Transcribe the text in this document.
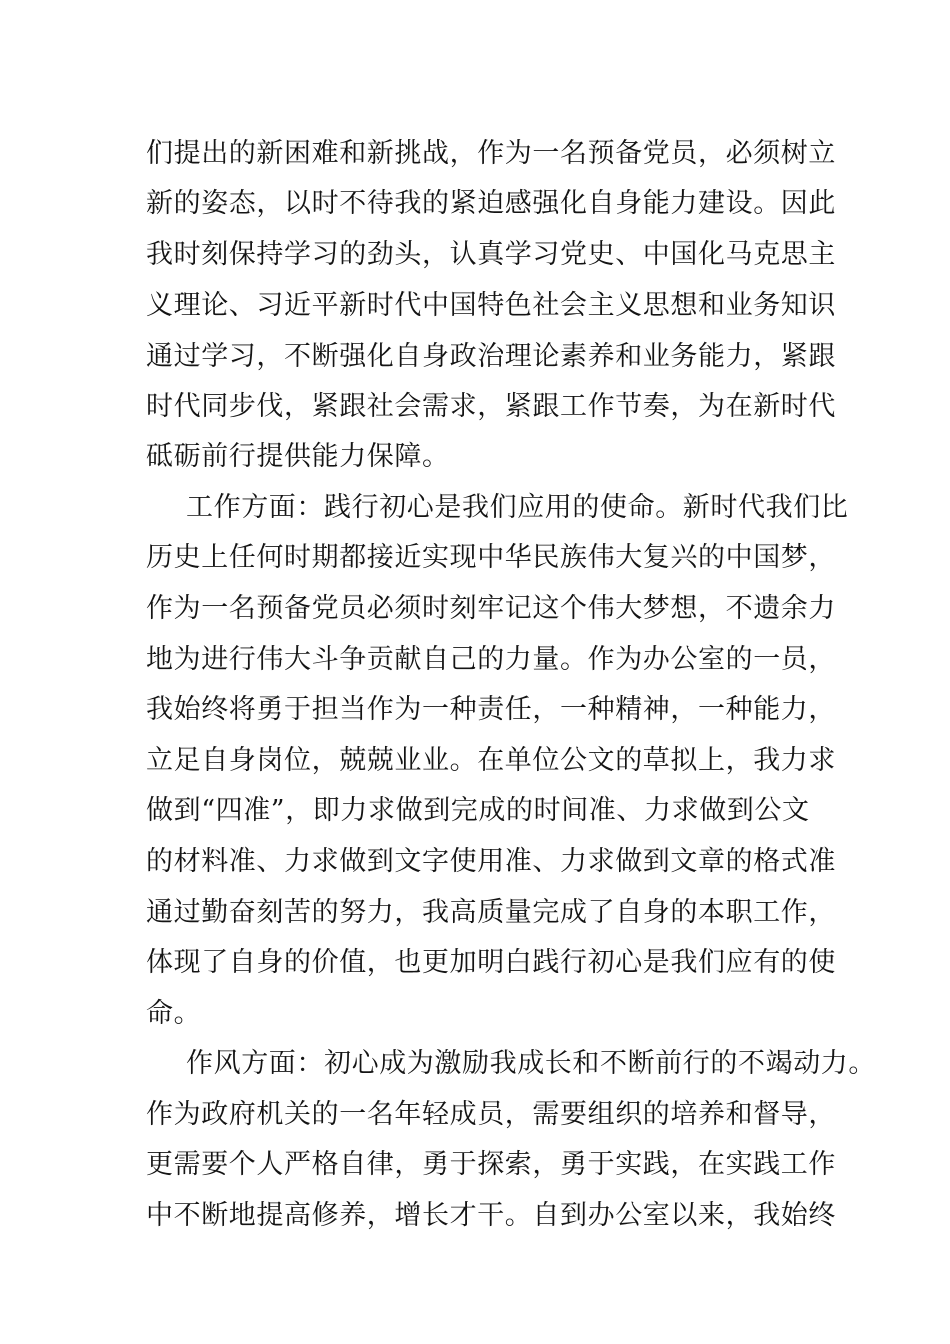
们提出的新困难和新挑战，作为一名预备党员，必须树立
新的姿态，以时不待我的紧迫感强化自身能力建设。因此
我时刻保持学习的劲头，认真学习党史、中国化马克思主
义理论、习近平新时代中国特色社会主义思想和业务知识
通过学习，不断强化自身政治理论素养和业务能力，紧跟
时代同步伐，紧跟社会需求，紧跟工作节奏，为在新时代
砥砺前行提供能力保障。
工作方面：践行初心是我们应用的使命。新时代我们比
历史上任何时期都接近实现中华民族伟大复兴的中国梦，
作为一名预备党员必须时刻牢记这个伟大梦想，不遗余力
地为进行伟大斗争贡献自己的力量。作为办公室的一员，
我始终将勇于担当作为一种责任，一种精神，一种能力，
立足自身岗位，兢兢业业。在单位公文的草拟上，我力求
做到“四准”，即力求做到完成的时间准、力求做到公文
的材料准、力求做到文字使用准、力求做到文章的格式准
通过勤奋刻苦的努力，我高质量完成了自身的本职工作，
体现了自身的价值，也更加明白践行初心是我们应有的使
命。
作风方面：初心成为激励我成长和不断前行的不竭动力。
作为政府机关的一名年轻成员，需要组织的培养和督导，
更需要个人严格自律，勇于探索，勇于实践，在实践工作
中不断地提高修养，增长才干。自到办公室以来，我始终
